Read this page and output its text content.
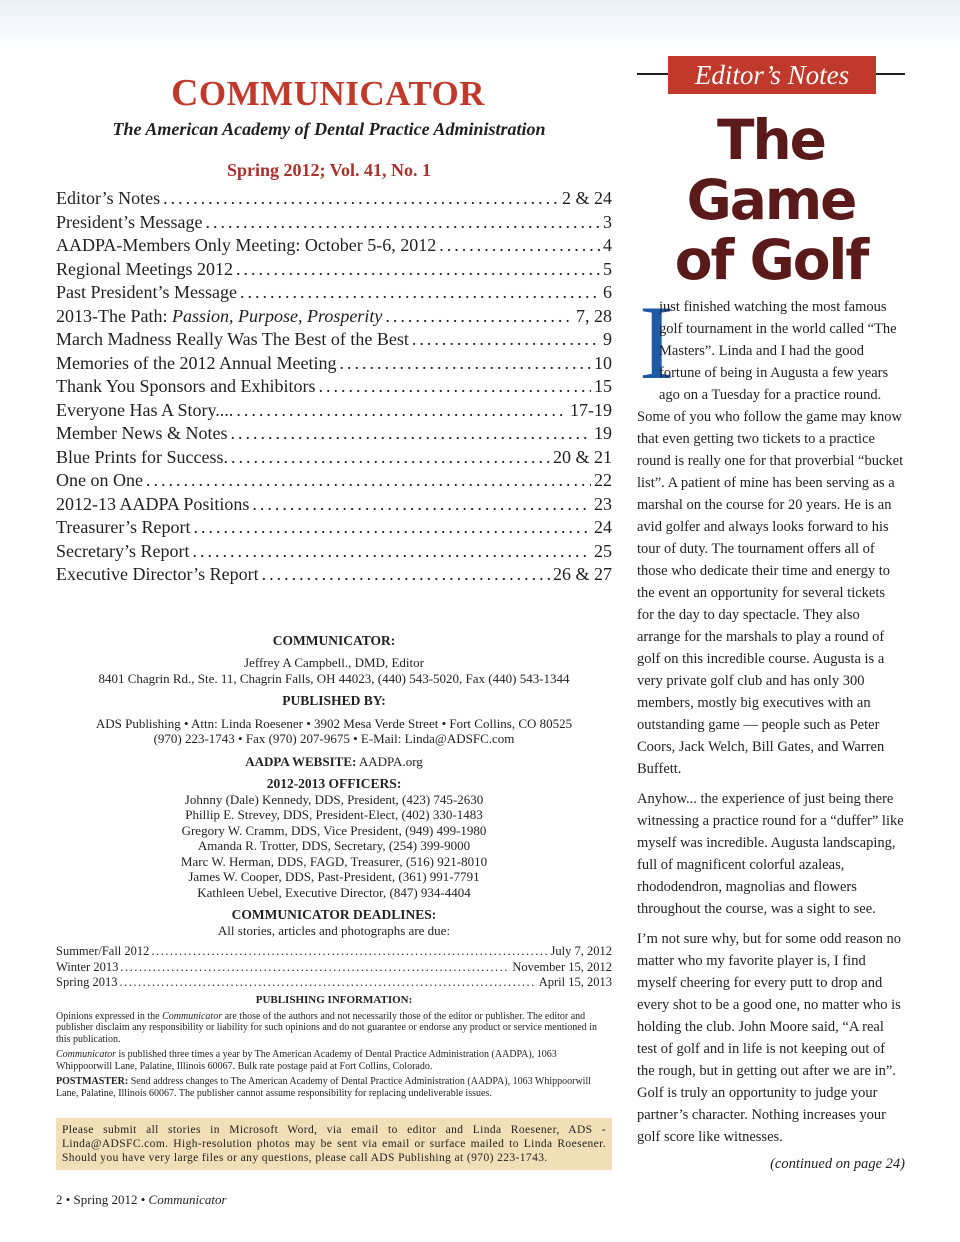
COMMUNICATOR
The American Academy of Dental Practice Administration
Spring 2012; Vol. 41, No. 1
Editor’s Notes .....	2 & 24
President’s Message .....	3
AADPA-Members Only Meeting: October 5-6, 2012 .....	4
Regional Meetings 2012 .....	5
Past President’s Message .....	6
2013-The Path: Passion, Purpose, Prosperity .....	7, 28
March Madness Really Was The Best of the Best .....	9
Memories of the 2012 Annual Meeting .....	10
Thank You Sponsors and Exhibitors .....	15
Everyone Has A Story.... .....	17-19
Member News & Notes .....	19
Blue Prints for Success. .....	20 & 21
One on One .....	22
2012-13 AADPA Positions .....	23
Treasurer’s Report .....	24
Secretary’s Report .....	25
Executive Director’s Report .....	26 & 27

COMMUNICATOR:

Jeffrey A Campbell., DMD, Editor

8401 Chagrin Rd., Ste. 11, Chagrin Falls, OH 44023, (440) 543-5020, Fax (440) 543-1344

PUBLISHED BY:

ADS Publishing • Attn: Linda Roesener • 3902 Mesa Verde Street • Fort Collins, CO 80525

(970) 223-1743 • Fax (970) 207-9675 • E-Mail: Linda@ADSFC.com

AADPA WEBSITE: AADPA.org

2012-2013 OFFICERS:

Johnny (Dale) Kennedy, DDS, President, (423) 745-2630

Phillip E. Strevey, DDS, President-Elect, (402) 330-1483

Gregory W. Cramm, DDS, Vice President, (949) 499-1980

Amanda R. Trotter, DDS, Secretary, (254) 399-9000

Marc W. Herman, DDS, FAGD, Treasurer, (516) 921-8010

James W. Cooper, DDS, Past-President, (361) 991-7791

Kathleen Uebel, Executive Director, (847) 934-4404

COMMUNICATOR DEADLINES:

All stories, articles and photographs are due:

Summer/Fall 2012 .....	July 7, 2012
Winter 2013 .....	November 15, 2012
Spring 2013 .....	April 15, 2013
PUBLISHING INFORMATION:

Opinions expressed in the Communicator are those of the authors and not necessarily those of the editor or publisher. The editor and publisher disclaim any responsibility or liability for such opinions and do not guarantee or endorse any product or service mentioned in this publication.

Communicator is published three times a year by The American Academy of Dental Practice Administration (AADPA), 1063 Whippoorwill Lane, Palatine, Illinois 60067. Bulk rate postage paid at Fort Collins, Colorado.

POSTMASTER: Send address changes to The American Academy of Dental Practice Administration (AADPA), 1063 Whippoorwill Lane, Palatine, Illinois 60067. The publisher cannot assume responsibility for replacing undeliverable issues.

Please submit all stories in Microsoft Word, via email to editor and Linda Roesener, ADS - Linda@ADSFC.com. High-resolution photos may be sent via email or surface mailed to Linda Roesener. Should you have very large files or any questions, please call ADS Publishing at (970) 223-1743.
2 • Spring 2012 • Communicator
Editor’s Notes
The Game
of Golf

I
just finished watching the most famous golf tournament in the world called “The Masters”. Linda and I had the good fortune of being in Augusta a few years ago on a Tuesday for a practice round. Some of you who follow the game may know that even getting two tickets to a practice round is really one for that proverbial “bucket list”. A patient of mine has been serving as a marshal on the course for 20 years. He is an avid golfer and always looks forward to his tour of duty. The tournament offers all of those who dedicate their time and energy to the event an opportunity for several tickets for the day to day spectacle. They also arrange for the marshals to play a round of golf on this incredible course. Augusta is a very private golf club and has only 300 members, mostly big executives with an outstanding game — people such as Peter Coors, Jack Welch, Bill Gates, and Warren Buffett.

Anyhow... the experience of just being there witnessing a practice round for a “duffer” like myself was incredible. Augusta landscaping, full of magnificent colorful azaleas, rhododendron, magnolias and flowers throughout the course, was a sight to see.

I’m not sure why, but for some odd reason no matter who my favorite player is, I find myself cheering for every putt to drop and every shot to be a good one, no matter who is holding the club. John Moore said, “A real test of golf and in life is not keeping out of the rough, but in getting out after we are in”. Golf is truly an opportunity to judge your partner’s character. Nothing increases your golf score like witnesses.

(continued on page 24)
